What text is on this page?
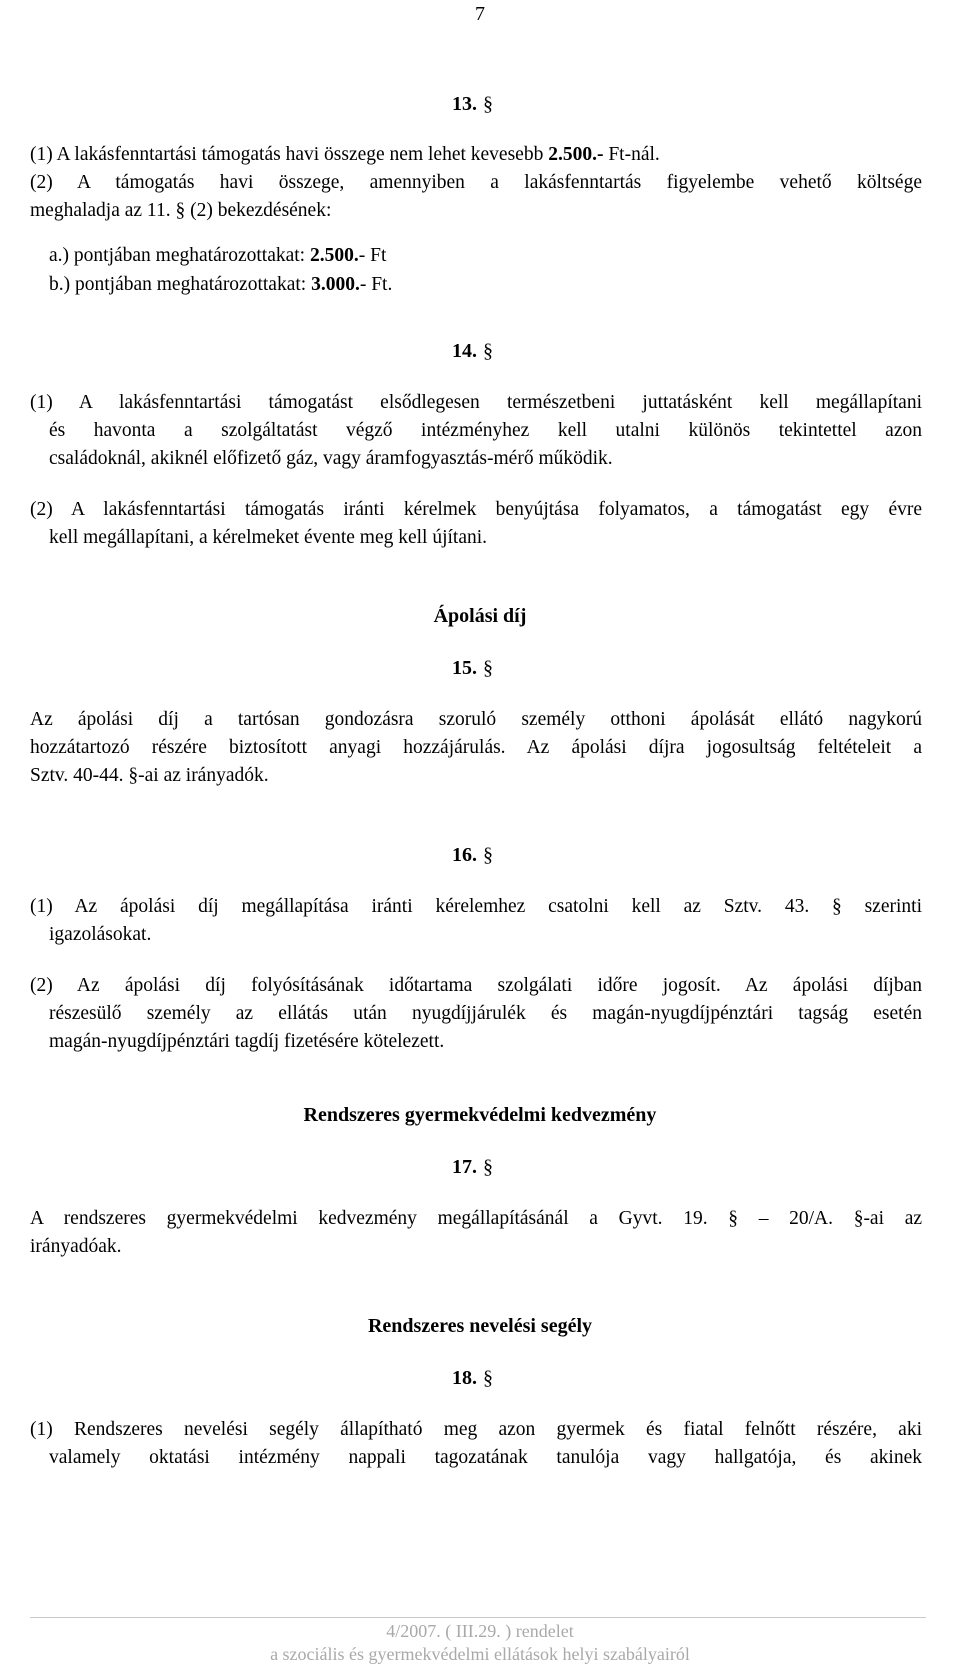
7
13. §
(1) A lakásfenntartási támogatás havi összege nem lehet kevesebb 2.500.- Ft-nál.
(2) A támogatás havi összege, amennyiben a lakásfenntartás figyelembe vehető költsége
meghaladja az 11. § (2) bekezdésének:
a.) pontjában meghatározottakat: 2.500.- Ft
b.) pontjában meghatározottakat: 3.000.- Ft.
14. §
(1) A lakásfenntartási támogatást elsődlegesen természetbeni juttatásként kell megállapítani
és havonta a szolgáltatást végző intézményhez kell utalni különös tekintettel azon
családoknál, akiknél előfizető gáz, vagy áramfogyasztás-mérő működik.
(2) A lakásfenntartási támogatás iránti kérelmek benyújtása folyamatos, a támogatást egy évre
kell megállapítani, a kérelmeket évente meg kell újítani.
Ápolási díj
15. §
Az ápolási díj a tartósan gondozásra szoruló személy otthoni ápolását ellátó nagykorú
hozzátartozó részére biztosított anyagi hozzájárulás. Az ápolási díjra jogosultság feltételeit a
Sztv. 40-44. §-ai az irányadók.
16. §
(1) Az ápolási díj megállapítása iránti kérelemhez csatolni kell az Sztv. 43. § szerinti
igazolásokat.
(2) Az ápolási díj folyósításának időtartama szolgálati időre jogosít. Az ápolási díjban
részesülő személy az ellátás után nyugdíjjárulék és magán-nyugdíjpénztári tagság esetén
magán-nyugdíjpénztári tagdíj fizetésére kötelezett.
Rendszeres gyermekvédelmi kedvezmény
17. §
A rendszeres gyermekvédelmi kedvezmény megállapításánál a Gyvt. 19. § – 20/A. §-ai az
irányadóak.
Rendszeres nevelési segély
18. §
(1) Rendszeres nevelési segély állapítható meg azon gyermek és fiatal felnőtt részére, aki
valamely oktatási intézmény nappali tagozatának tanulója vagy hallgatója, és akinek
4/2007. ( III.29. ) rendelet
a szociális és gyermekvédelmi ellátások helyi szabályairól
